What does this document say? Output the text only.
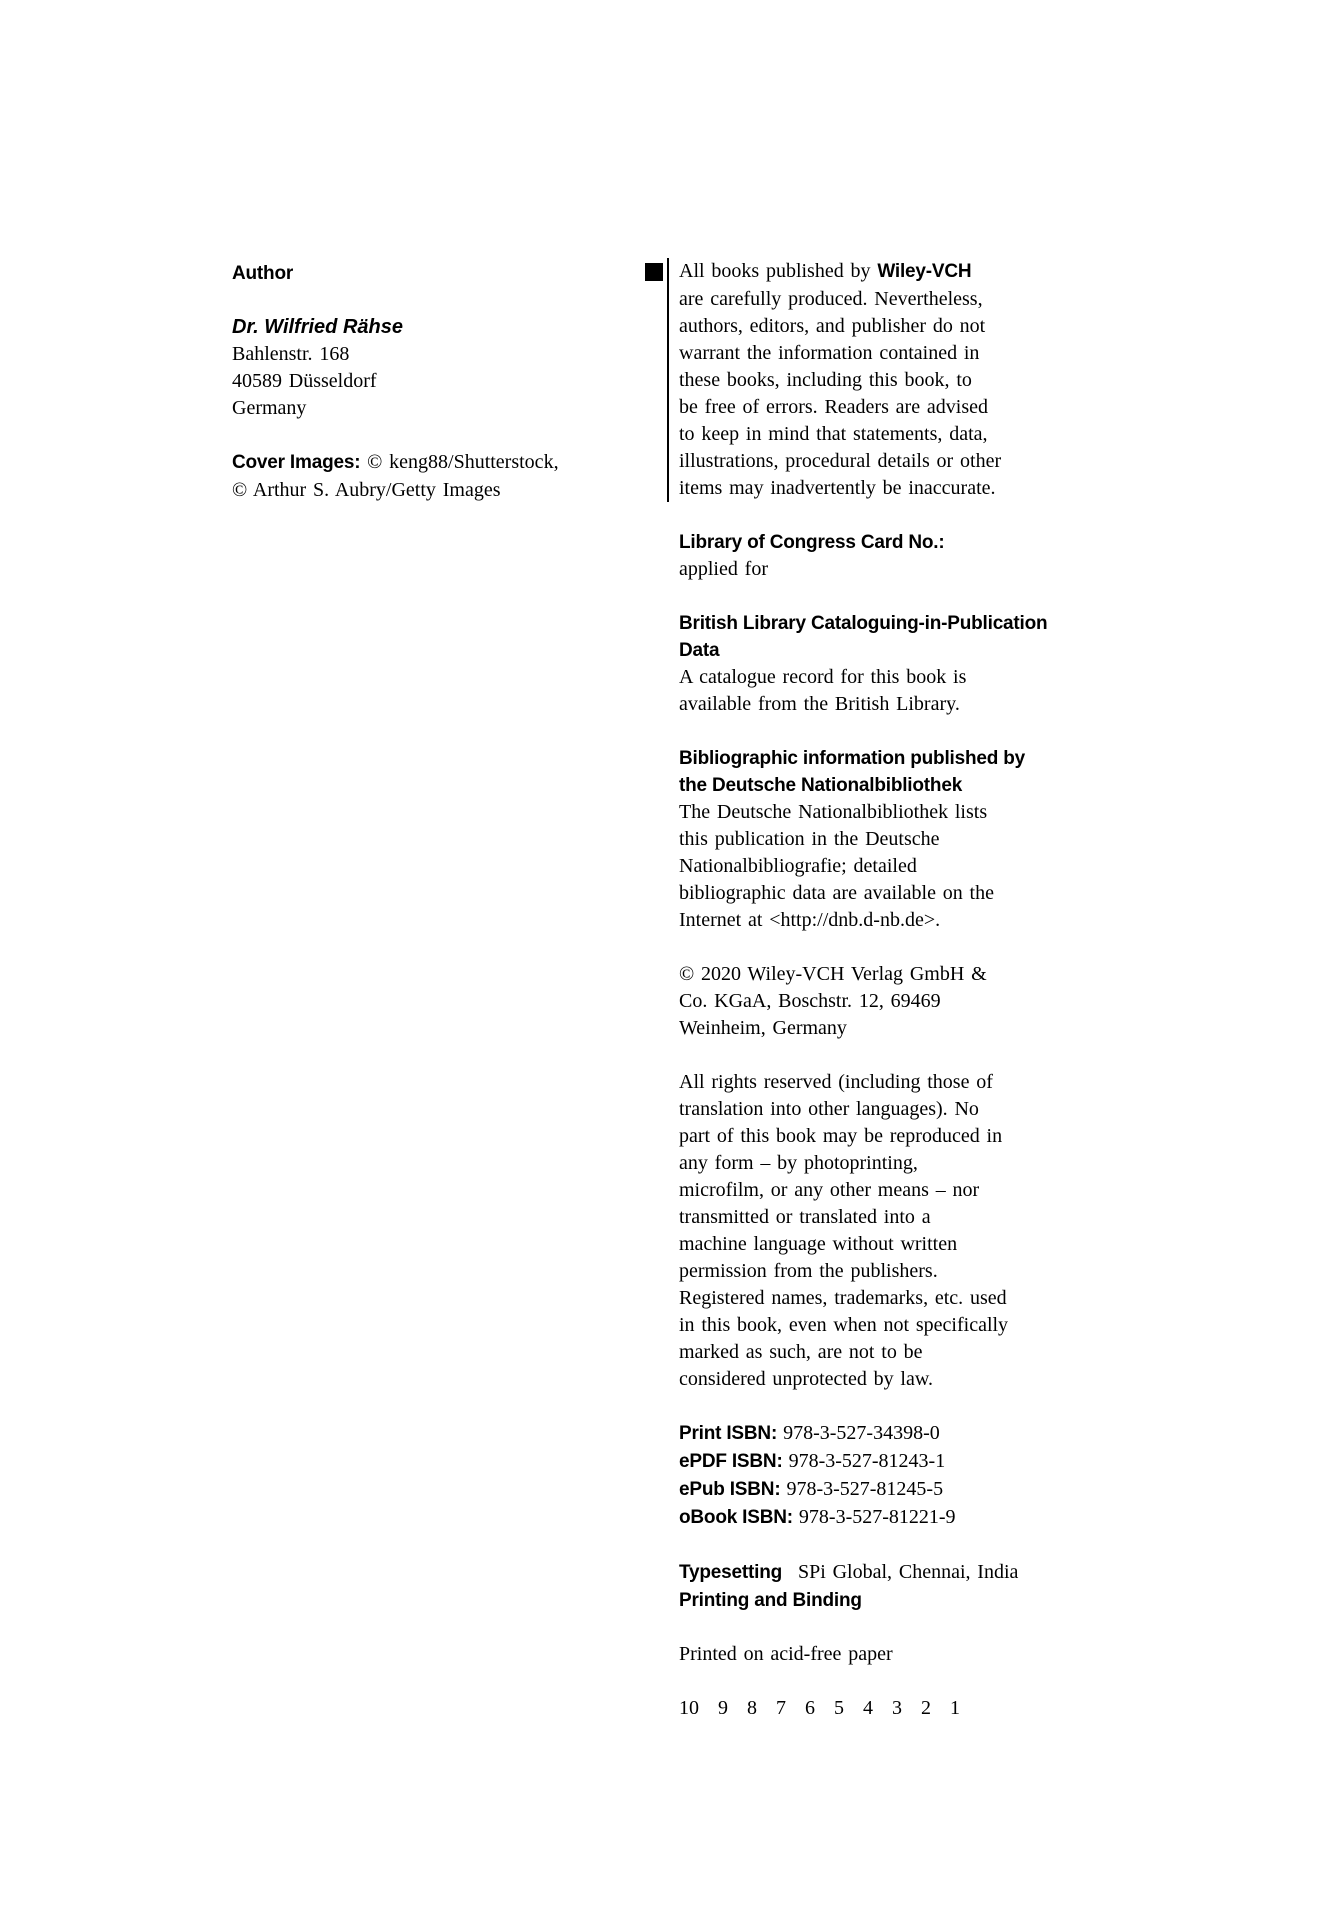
Author
Dr. Wilfried Rähse
Bahlenstr. 168
40589 Düsseldorf
Germany
Cover Images: © keng88/Shutterstock,
© Arthur S. Aubry/Getty Images
All books published by Wiley-VCH
are carefully produced. Nevertheless,
authors, editors, and publisher do not
warrant the information contained in
these books, including this book, to
be free of errors. Readers are advised
to keep in mind that statements, data,
illustrations, procedural details or other
items may inadvertently be inaccurate.
Library of Congress Card No.:
applied for
British Library Cataloguing-in-Publication
Data
A catalogue record for this book is
available from the British Library.
Bibliographic information published by
the Deutsche Nationalbibliothek
The Deutsche Nationalbibliothek lists
this publication in the Deutsche
Nationalbibliografie; detailed
bibliographic data are available on the
Internet at <http://dnb.d-nb.de>.
© 2020 Wiley-VCH Verlag GmbH &
Co. KGaA, Boschstr. 12, 69469
Weinheim, Germany
All rights reserved (including those of
translation into other languages). No
part of this book may be reproduced in
any form – by photoprinting,
microfilm, or any other means – nor
transmitted or translated into a
machine language without written
permission from the publishers.
Registered names, trademarks, etc. used
in this book, even when not specifically
marked as such, are not to be
considered unprotected by law.
Print ISBN: 978-3-527-34398-0
ePDF ISBN: 978-3-527-81243-1
ePub ISBN: 978-3-527-81245-5
oBook ISBN: 978-3-527-81221-9
Typesetting SPi Global, Chennai, India
Printing and Binding
Printed on acid-free paper
10 9 8 7 6 5 4 3 2 1
